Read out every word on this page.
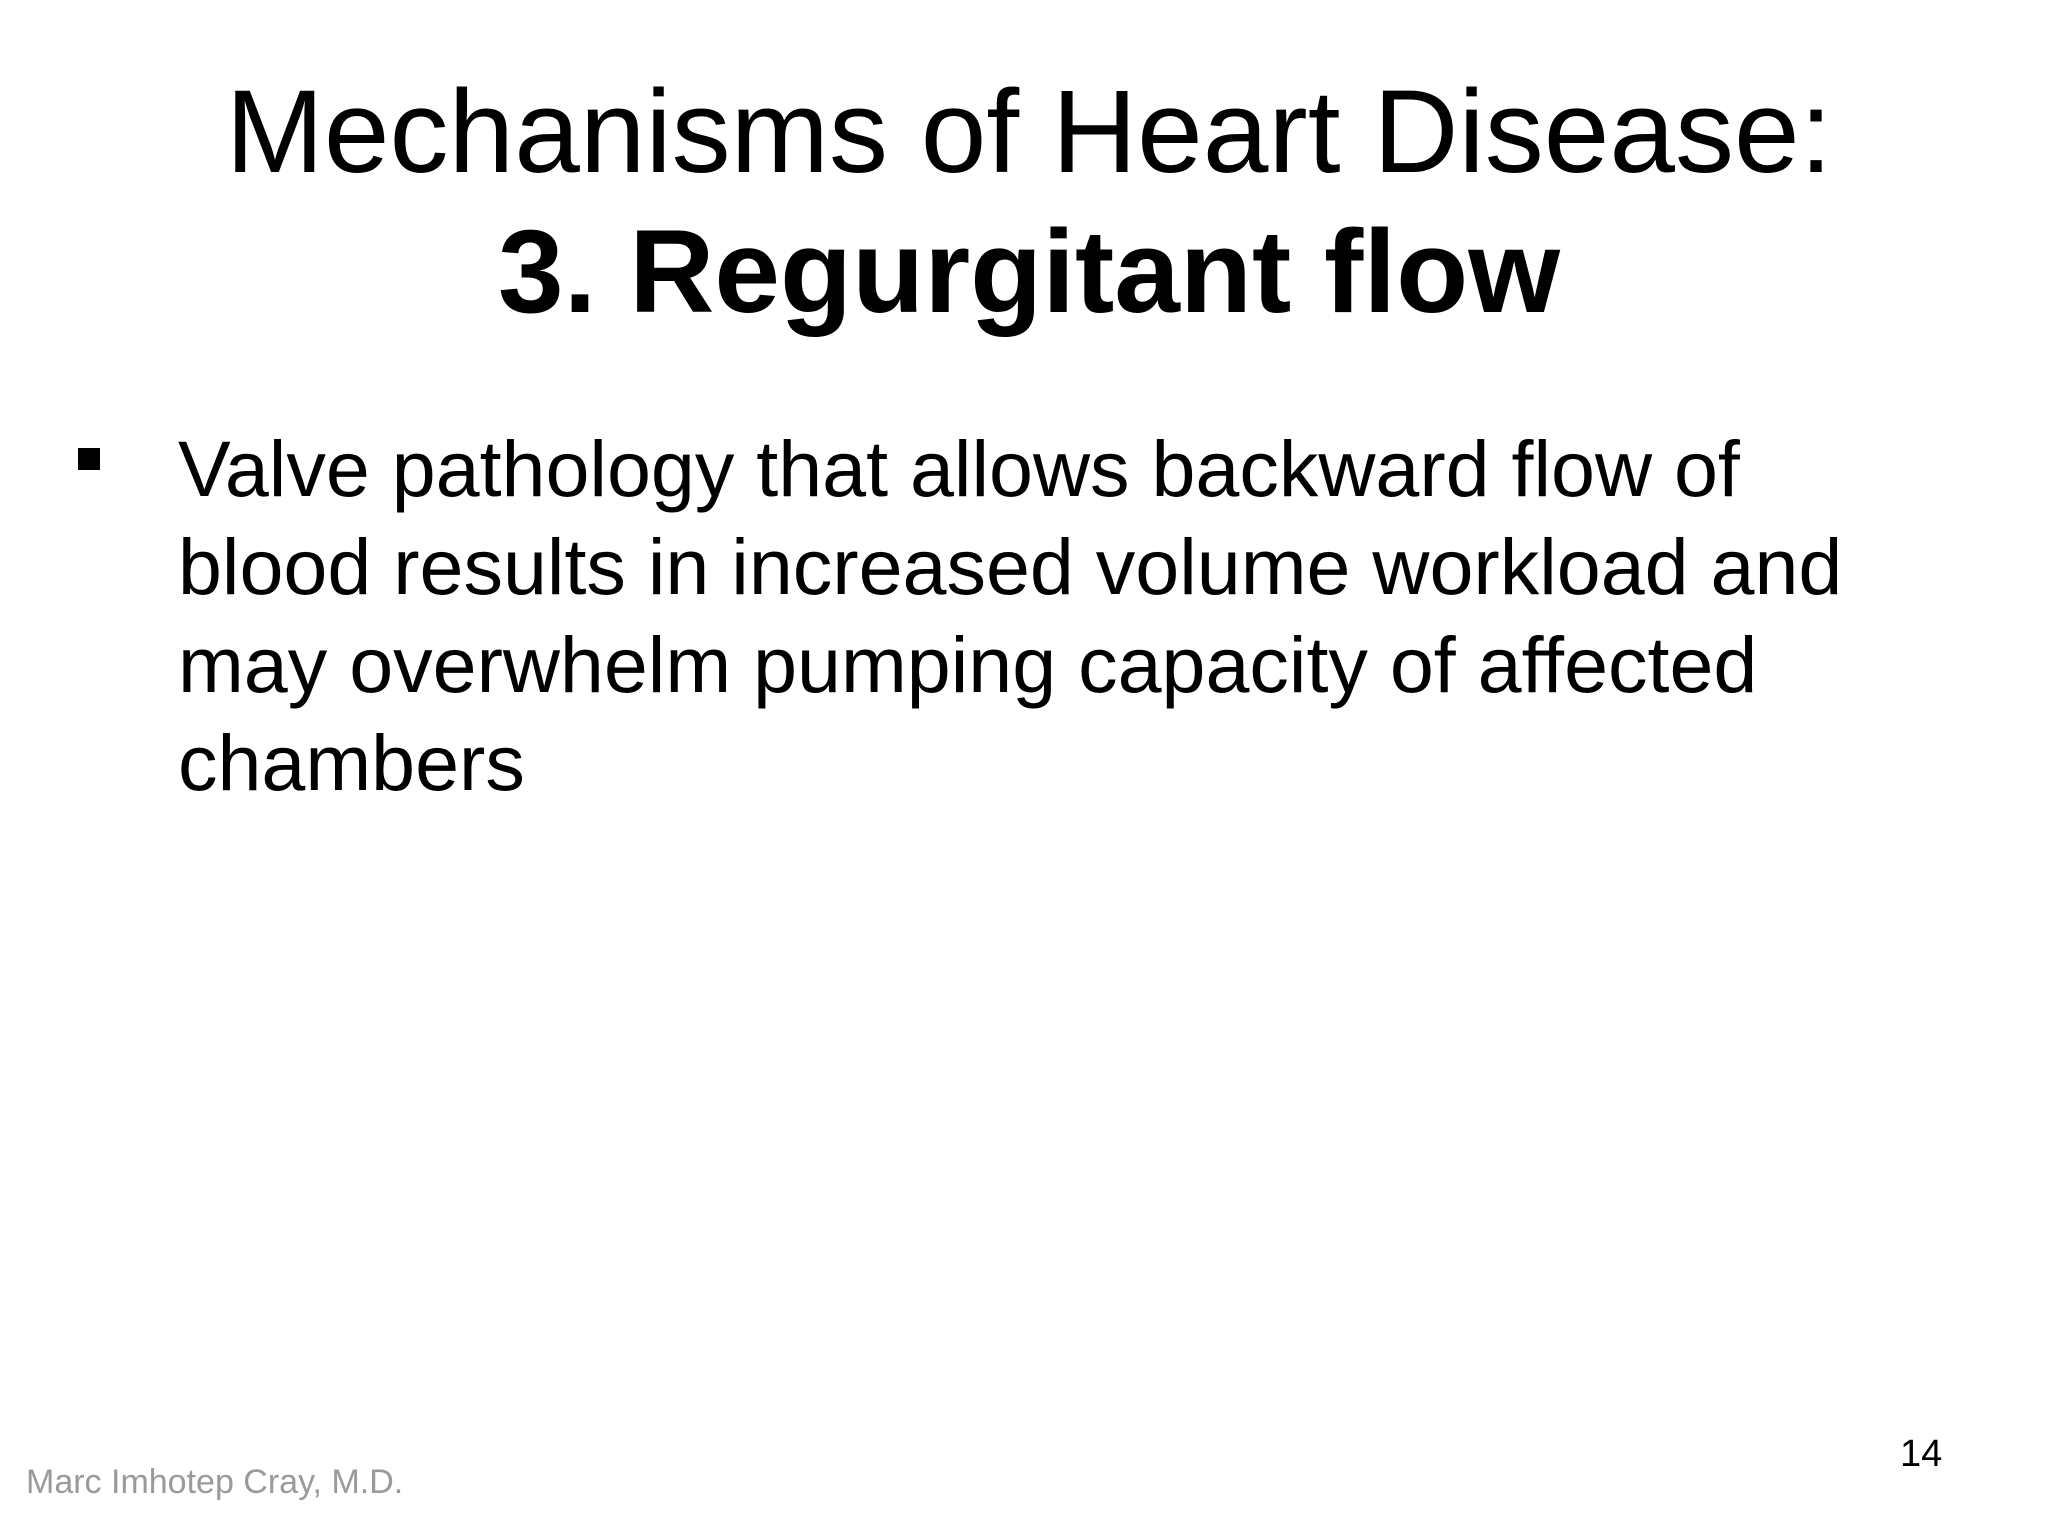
Mechanisms of Heart Disease:
3. Regurgitant flow
Valve pathology that allows backward flow of
blood results in increased volume workload and
may overwhelm pumping capacity of affected
chambers
14
Marc Imhotep Cray, M.D.
